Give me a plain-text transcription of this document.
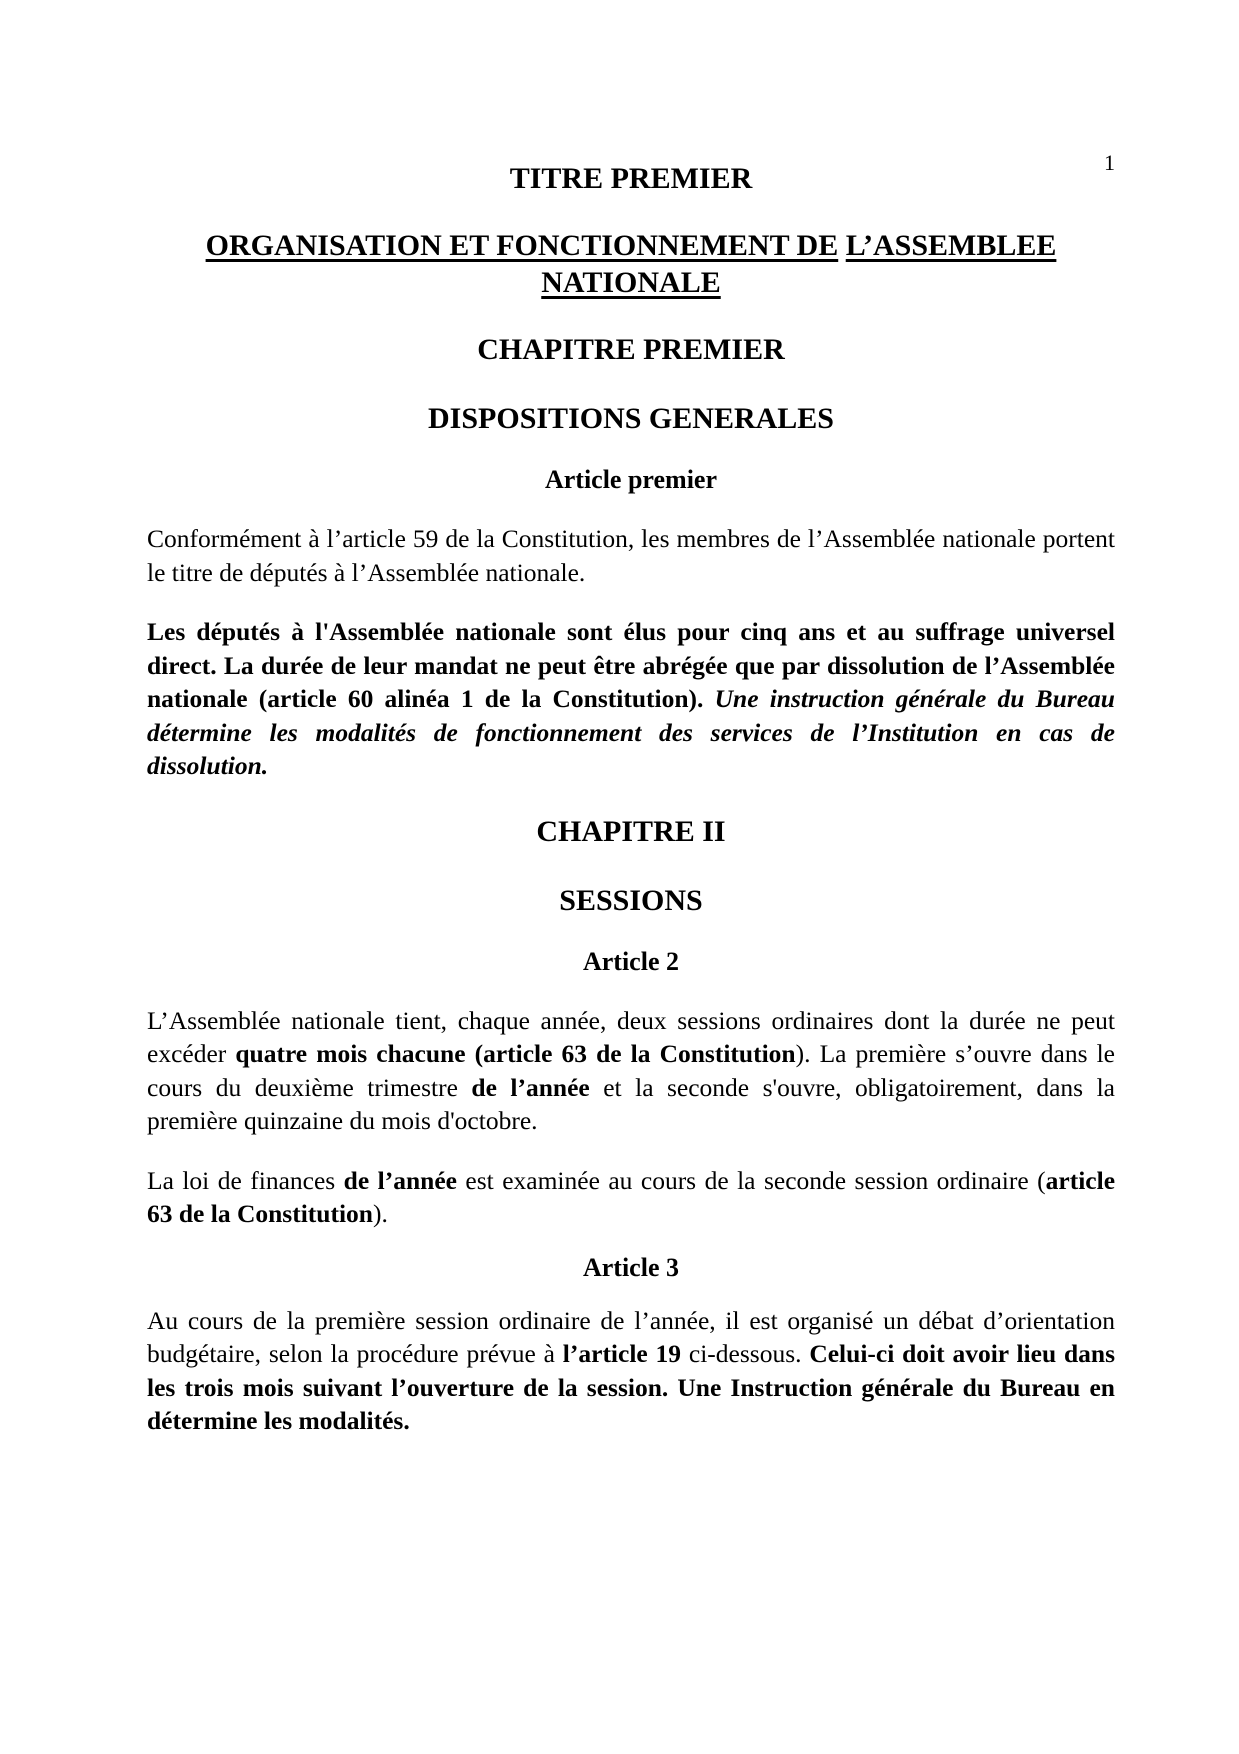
1
TITRE PREMIER
ORGANISATION ET FONCTIONNEMENT DE L’ASSEMBLEE
NATIONALE
CHAPITRE PREMIER
DISPOSITIONS GENERALES
Article premier

Conformément à l’article 59 de la Constitution, les membres de l’Assemblée nationale portent le titre de députés à l’Assemblée nationale.

Les députés à l'Assemblée nationale sont élus pour cinq ans et au suffrage universel direct. La durée de leur mandat ne peut être abrégée que par dissolution de l’Assemblée nationale (article 60 alinéa 1 de la Constitution). Une instruction générale du Bureau détermine les modalités de fonctionnement des services de l’Institution en cas de dissolution.

CHAPITRE II
SESSIONS
Article 2

L’Assemblée nationale tient, chaque année, deux sessions ordinaires dont la durée ne peut excéder quatre mois chacune (article 63 de la Constitution). La première s’ouvre dans le cours du deuxième trimestre de l’année et la seconde s'ouvre, obligatoirement, dans la première quinzaine du mois d'octobre.

La loi de finances de l’année est examinée au cours de la seconde session ordinaire (article 63 de la Constitution).

Article 3

Au cours de la première session ordinaire de l’année, il est organisé un débat d’orientation budgétaire, selon la procédure prévue à l’article 19 ci-dessous. Celui-ci doit avoir lieu dans les trois mois suivant l’ouverture de la session. Une Instruction générale du Bureau en détermine les modalités.
